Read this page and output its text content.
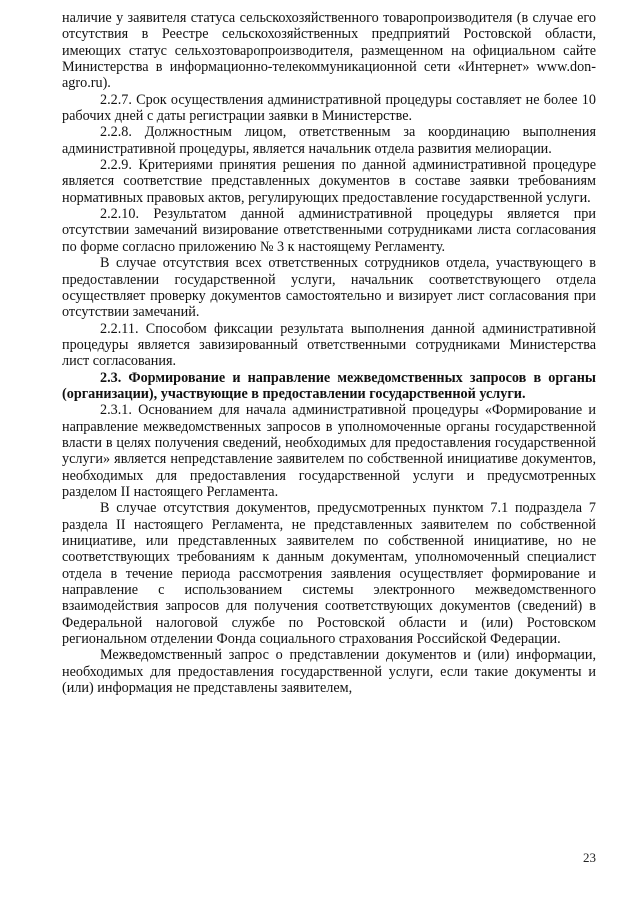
наличие у заявителя статуса сельскохозяйственного товаропроизводителя (в случае его отсутствия в Реестре сельскохозяйственных предприятий Ростовской области, имеющих статус сельхозтоваропроизводителя, размещенном на официальном сайте Министерства в информационно-телекоммуникационной сети «Интернет» www.don-agro.ru).

2.2.7. Срок осуществления административной процедуры составляет не более 10 рабочих дней с даты регистрации заявки в Министерстве.

2.2.8. Должностным лицом, ответственным за координацию выполнения административной процедуры, является начальник отдела развития мелиорации.

2.2.9. Критериями принятия решения по данной административной процедуре является соответствие представленных документов в составе заявки требованиям нормативных правовых актов, регулирующих предоставление государственной услуги.

2.2.10. Результатом данной административной процедуры является при отсутствии замечаний визирование ответственными сотрудниками листа согласования по форме согласно приложению № 3 к настоящему Регламенту.

В случае отсутствия всех ответственных сотрудников отдела, участвующего в предоставлении государственной услуги, начальник соответствующего отдела осуществляет проверку документов самостоятельно и визирует лист согласования при отсутствии замечаний.

2.2.11. Способом фиксации результата выполнения данной административной процедуры является завизированный ответственными сотрудниками Министерства лист согласования.

2.3. Формирование и направление межведомственных запросов в органы (организации), участвующие в предоставлении государственной услуги.

2.3.1. Основанием для начала административной процедуры «Формирование и направление межведомственных запросов в уполномоченные органы государственной власти в целях получения сведений, необходимых для предоставления государственной услуги» является непредставление заявителем по собственной инициативе документов, необходимых для предоставления государственной услуги и предусмотренных разделом II настоящего Регламента.

В случае отсутствия документов, предусмотренных пунктом 7.1 подраздела 7 раздела II настоящего Регламента, не представленных заявителем по собственной инициативе, или представленных заявителем по собственной инициативе, но не соответствующих требованиям к данным документам, уполномоченный специалист отдела в течение периода рассмотрения заявления осуществляет формирование и направление с использованием системы электронного межведомственного взаимодействия запросов для получения соответствующих документов (сведений) в Федеральной налоговой службе по Ростовской области и (или) Ростовском региональном отделении Фонда социального страхования Российской Федерации.

Межведомственный запрос о представлении документов и (или) информации, необходимых для предоставления государственной услуги, если такие документы и (или) информация не представлены заявителем,

23
